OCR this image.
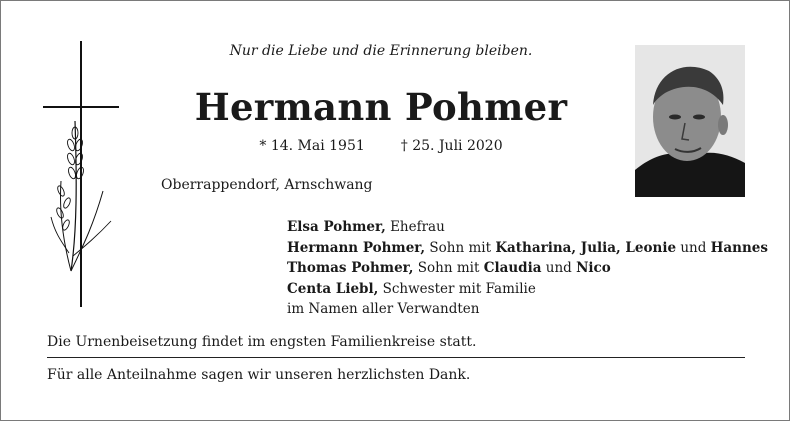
Nur die Liebe und die Erinnerung bleiben.
Hermann Pohmer
* 14. Mai 1951	† 25. Juli 2020
Oberrappendorf, Arnschwang
Elsa Pohmer, Ehefrau
Hermann Pohmer, Sohn mit Katharina, Julia, Leonie und Hannes
Thomas Pohmer, Sohn mit Claudia und Nico
Centa Liebl, Schwester mit Familie
im Namen aller Verwandten
Die Urnenbeisetzung findet im engsten Familienkreise statt.
Für alle Anteilnahme sagen wir unseren herzlichsten Dank.
